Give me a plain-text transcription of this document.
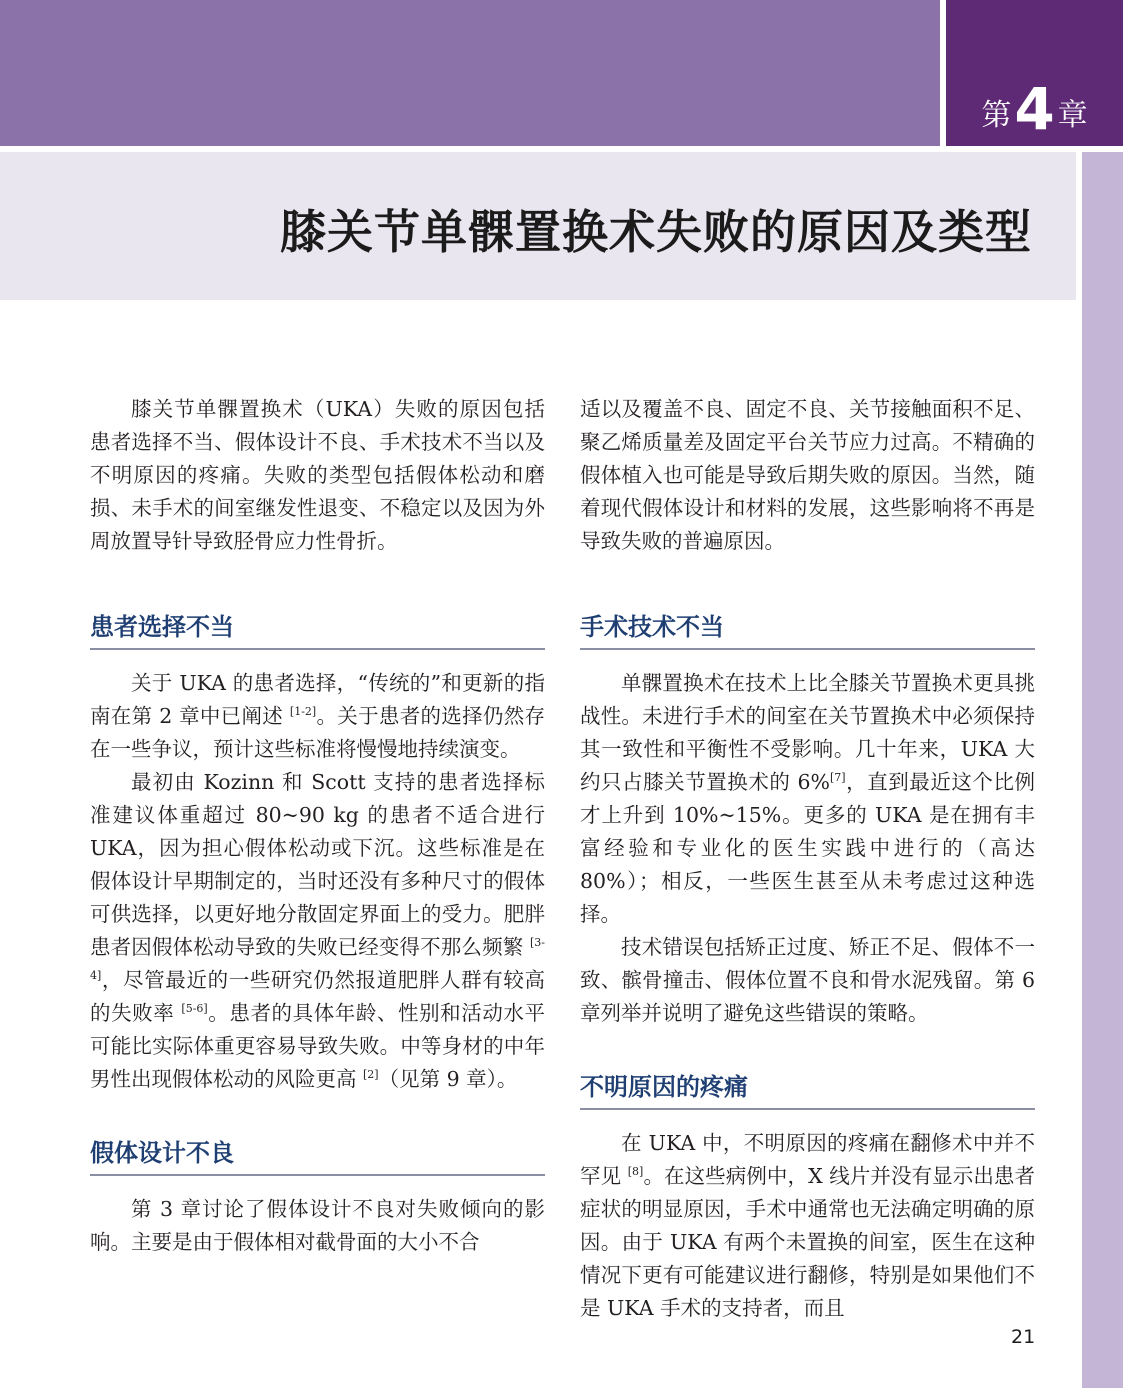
第4 章
膝关节单髁置换术失败的原因及类型

膝关节单髁置换术（UKA）失败的原因包括患者选择不当、假体设计不良、手术技术不当以及不明原因的疼痛。失败的类型包括假体松动和磨损、未手术的间室继发性退变、不稳定以及因为外周放置导针导致胫骨应力性骨折。

患者选择不当

关于 UKA 的患者选择，“传统的”和更新的指南在第 2 章中已阐述 [1-2]。关于患者的选择仍然存在一些争议，预计这些标准将慢慢地持续演变。

最初由 Kozinn 和 Scott 支持的患者选择标准建议体重超过 80~90 kg 的患者不适合进行 UKA，因为担心假体松动或下沉。这些标准是在假体设计早期制定的，当时还没有多种尺寸的假体可供选择，以更好地分散固定界面上的受力。肥胖患者因假体松动导致的失败已经变得不那么频繁 [3-4]，尽管最近的一些研究仍然报道肥胖人群有较高的失败率 [5-6]。患者的具体年龄、性别和活动水平可能比实际体重更容易导致失败。中等身材的中年男性出现假体松动的风险更高 [2]（见第 9 章）。

假体设计不良

第 3 章讨论了假体设计不良对失败倾向的影响。主要是由于假体相对截骨面的大小不合

适以及覆盖不良、固定不良、关节接触面积不足、聚乙烯质量差及固定平台关节应力过高。不精确的假体植入也可能是导致后期失败的原因。当然，随着现代假体设计和材料的发展，这些影响将不再是导致失败的普遍原因。

手术技术不当

单髁置换术在技术上比全膝关节置换术更具挑战性。未进行手术的间室在关节置换术中必须保持其一致性和平衡性不受影响。几十年来，UKA 大约只占膝关节置换术的 6%[7]，直到最近这个比例才上升到 10%~15%。更多的 UKA 是在拥有丰富经验和专业化的医生实践中进行的（高达 80%）；相反，一些医生甚至从未考虑过这种选择。

技术错误包括矫正过度、矫正不足、假体不一致、髌骨撞击、假体位置不良和骨水泥残留。第 6 章列举并说明了避免这些错误的策略。

不明原因的疼痛

在 UKA 中，不明原因的疼痛在翻修术中并不罕见 [8]。在这些病例中，X 线片并没有显示出患者症状的明显原因，手术中通常也无法确定明确的原因。由于 UKA 有两个未置换的间室，医生在这种情况下更有可能建议进行翻修，特别是如果他们不是 UKA 手术的支持者，而且

21
